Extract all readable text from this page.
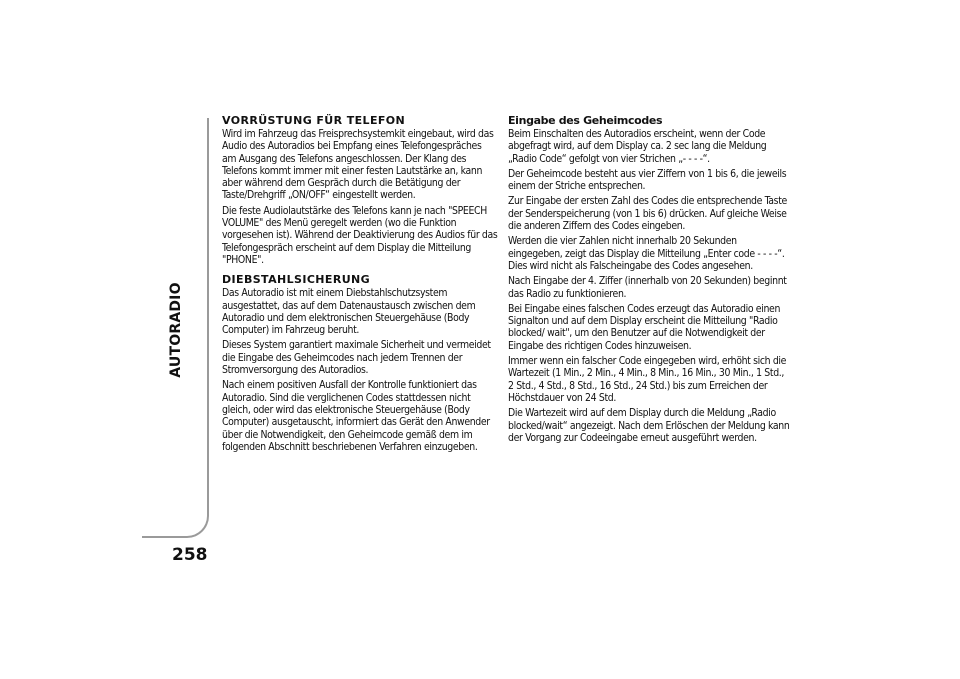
AUTORADIO
258
VORRÜSTUNG FÜR TELEFON

Wird im Fahrzeug das Freisprechsystemkit eingebaut, wird das Audio des Autoradios bei Empfang eines Telefongespräches am Ausgang des Telefons angeschlossen. Der Klang des Telefons kommt immer mit einer festen Lautstärke an, kann aber während dem Gespräch durch die Betätigung der Taste/Drehgriff „ON/OFF“ eingestellt werden.

Die feste Audiolautstärke des Telefons kann je nach "SPEECH VOLUME" des Menü geregelt werden (wo die Funktion vorgesehen ist). Während der Deaktivierung des Audios für das Telefongespräch erscheint auf dem Display die Mitteilung "PHONE".

DIEBSTAHLSICHERUNG

Das Autoradio ist mit einem Diebstahlschutzsystem ausgestattet, das auf dem Datenaustausch zwischen dem Autoradio und dem elektronischen Steuergehäuse (Body Computer) im Fahrzeug beruht.

Dieses System garantiert maximale Sicherheit und vermeidet die Eingabe des Geheimcodes nach jedem Trennen der Stromversorgung des Autoradios.

Nach einem positiven Ausfall der Kontrolle funktioniert das Autoradio. Sind die verglichenen Codes stattdessen nicht gleich, oder wird das elektronische Steuergehäuse (Body Computer) ausgetauscht, informiert das Gerät den Anwender über die Notwendigkeit, den Geheimcode gemäß dem im folgenden Abschnitt beschriebenen Verfahren einzugeben.

Eingabe des Geheimcodes

Beim Einschalten des Autoradios erscheint, wenn der Code abgefragt wird, auf dem Display ca. 2 sec lang die Meldung „Radio Code“ gefolgt von vier Strichen „- - - -“.

Der Geheimcode besteht aus vier Ziffern von 1 bis 6, die jeweils einem der Striche entsprechen.

Zur Eingabe der ersten Zahl des Codes die entsprechende Taste der Senderspeicherung (von 1 bis 6) drücken. Auf gleiche Weise die anderen Ziffern des Codes eingeben.

Werden die vier Zahlen nicht innerhalb 20 Sekunden eingegeben, zeigt das Display die Mitteilung „Enter code - - - -“. Dies wird nicht als Falscheingabe des Codes angesehen.

Nach Eingabe der 4. Ziffer (innerhalb von 20 Sekunden) beginnt das Radio zu funktionieren.

Bei Eingabe eines falschen Codes erzeugt das Autoradio einen Signalton und auf dem Display erscheint die Mitteilung "Radio blocked/ wait", um den Benutzer auf die Notwendigkeit der Eingabe des richtigen Codes hinzuweisen.

Immer wenn ein falscher Code eingegeben wird, erhöht sich die Wartezeit (1 Min., 2 Min., 4 Min., 8 Min., 16 Min., 30 Min., 1 Std., 2 Std., 4 Std., 8 Std., 16 Std., 24 Std.) bis zum Erreichen der Höchstdauer von 24 Std.

Die Wartezeit wird auf dem Display durch die Meldung „Radio blocked/wait“ angezeigt. Nach dem Erlöschen der Meldung kann der Vorgang zur Codeeingabe erneut ausgeführt werden.
